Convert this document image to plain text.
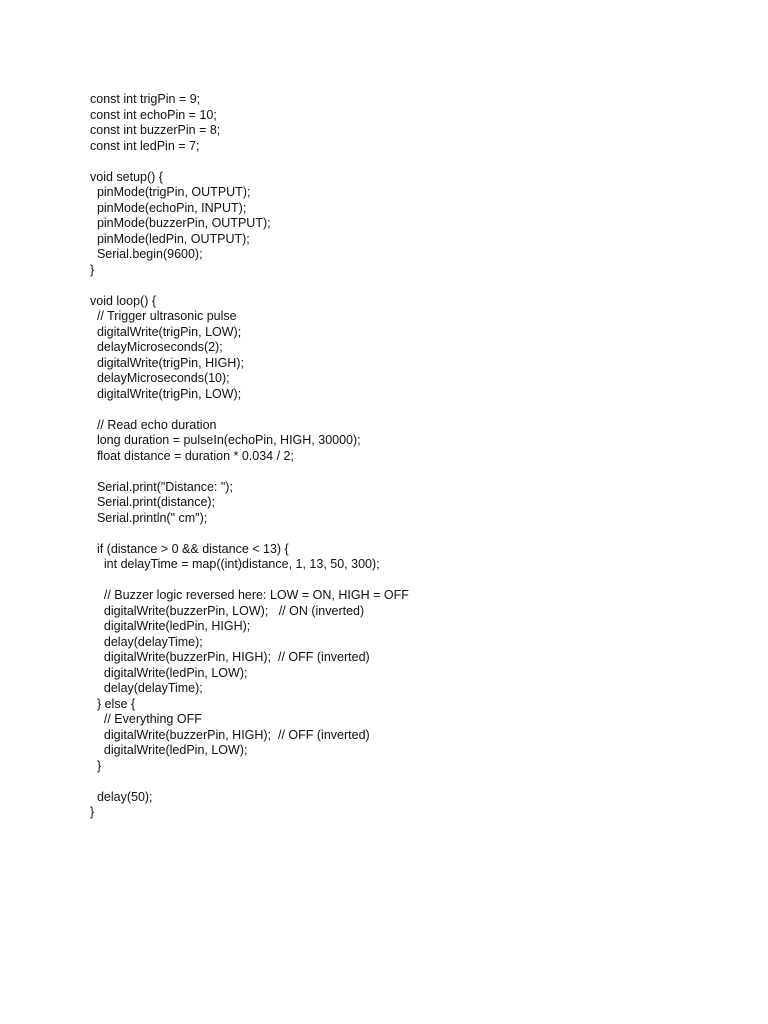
const int trigPin = 9;
const int echoPin = 10;
const int buzzerPin = 8;
const int ledPin = 7;
void setup() {
pinMode(trigPin, OUTPUT);
pinMode(echoPin, INPUT);
pinMode(buzzerPin, OUTPUT);
pinMode(ledPin, OUTPUT);
Serial.begin(9600);
}
void loop() {
// Trigger ultrasonic pulse
digitalWrite(trigPin, LOW);
delayMicroseconds(2);
digitalWrite(trigPin, HIGH);
delayMicroseconds(10);
digitalWrite(trigPin, LOW);
// Read echo duration
long duration = pulseIn(echoPin, HIGH, 30000);
float distance = duration * 0.034 / 2;
Serial.print("Distance: ");
Serial.print(distance);
Serial.println(" cm");
if (distance > 0 && distance < 13) {
int delayTime = map((int)distance, 1, 13, 50, 300);
// Buzzer logic reversed here: LOW = ON, HIGH = OFF
digitalWrite(buzzerPin, LOW);   // ON (inverted)
digitalWrite(ledPin, HIGH);
delay(delayTime);
digitalWrite(buzzerPin, HIGH);  // OFF (inverted)
digitalWrite(ledPin, LOW);
delay(delayTime);
} else {
// Everything OFF
digitalWrite(buzzerPin, HIGH);  // OFF (inverted)
digitalWrite(ledPin, LOW);
}
delay(50);
}
